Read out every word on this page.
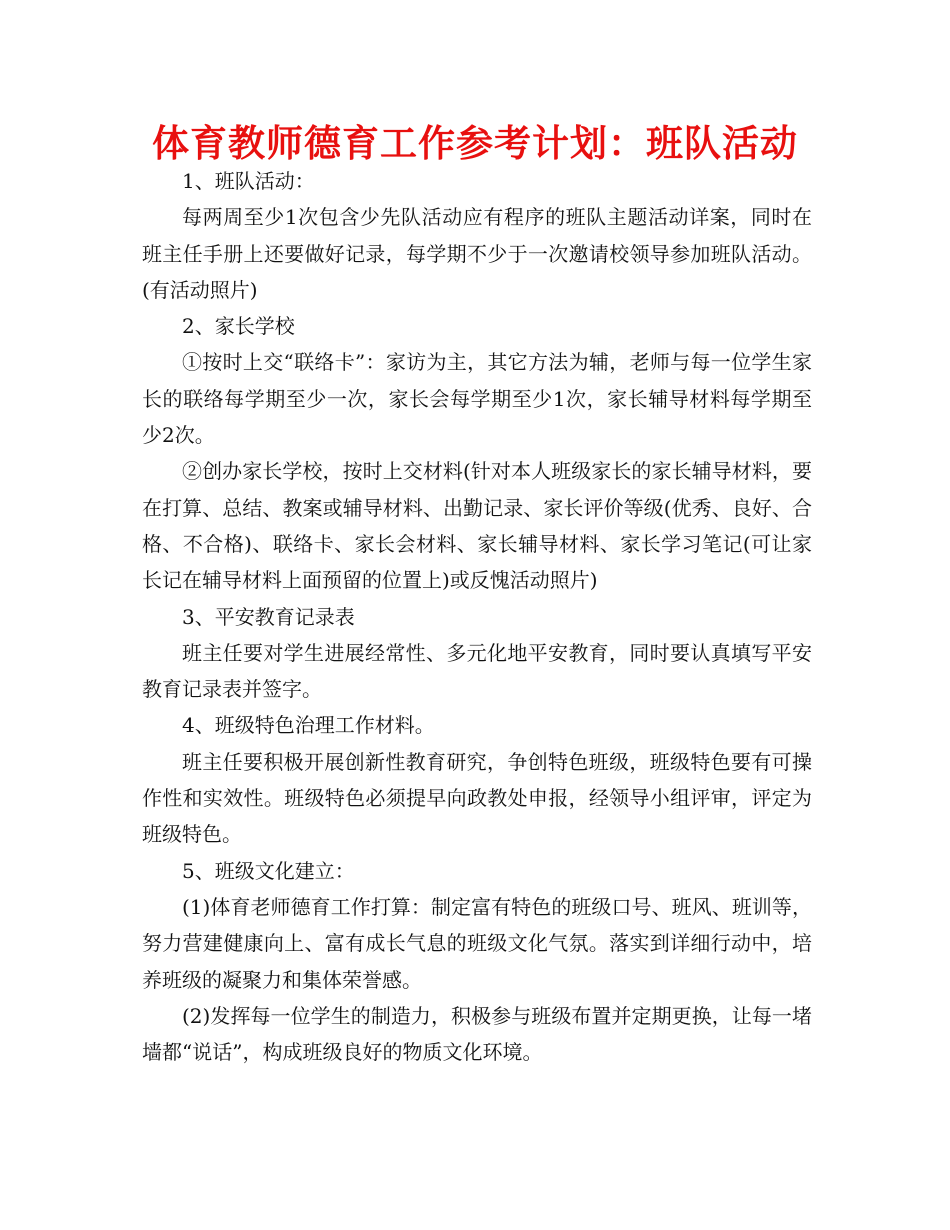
体育教师德育工作参考计划：班队活动

1、班队活动：

每两周至少1次包含少先队活动应有程序的班队主题活动详案，同时在班主任手册上还要做好记录，每学期不少于一次邀请校领导参加班队活动。(有活动照片)

2、家长学校

①按时上交“联络卡”：家访为主，其它方法为辅，老师与每一位学生家长的联络每学期至少一次，家长会每学期至少1次，家长辅导材料每学期至少2次。

②创办家长学校，按时上交材料(针对本人班级家长的家长辅导材料，要在打算、总结、教案或辅导材料、出勤记录、家长评价等级(优秀、良好、合格、不合格)、联络卡、家长会材料、家长辅导材料、家长学习笔记(可让家长记在辅导材料上面预留的位置上)或反愧活动照片)

3、平安教育记录表

班主任要对学生进展经常性、多元化地平安教育，同时要认真填写平安教育记录表并签字。

4、班级特色治理工作材料。

班主任要积极开展创新性教育研究，争创特色班级，班级特色要有可操作性和实效性。班级特色必须提早向政教处申报，经领导小组评审，评定为班级特色。

5、班级文化建立：

(1)体育老师德育工作打算：制定富有特色的班级口号、班风、班训等，努力营建健康向上、富有成长气息的班级文化气氛。落实到详细行动中，培养班级的凝聚力和集体荣誉感。

(2)发挥每一位学生的制造力，积极参与班级布置并定期更换，让每一堵墙都“说话”，构成班级良好的物质文化环境。
